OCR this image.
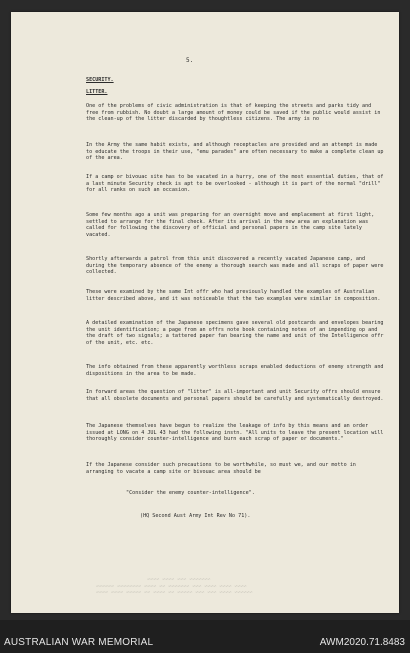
~~~~ ~~~~ ~~~~~ ~~ ~~~~ ~~ ~~~~~ ~~~ ~~~ ~~~~ ~~~~~~
~~~~~~ ~~~~~~~~ ~~~~ ~~ ~~~~~~~ ~~~ ~~~~ ~~~~ ~~~~
~~~~ ~~~~ ~~~ ~~~~~~~
5.
SECURITY.
LITTER.
One of the problems of civic administration is that of keeping the streets and parks tidy and free from rubbish. No doubt a large amount of money could be saved if the public would assist in the clean-up of the litter discarded by thoughtless citizens. The army is no
In the Army the same habit exists, and although receptacles are provided and an attempt is made to educate the troops in their use, "emu parades" are often necessary to make a complete clean up of the area.
If a camp or bivouac site has to be vacated in a hurry, one of the most essential duties, that of a last minute Security check is apt to be overlooked - although it is part of the normal "drill" for all ranks on such an occasion.
Some few months ago a unit was preparing for an overnight move and emplacement at first light, settled to arrange for the final check. After its arrival in the new area an explanation was called for following the discovery of official and personal papers in the camp site lately vacated.
Shortly afterwards a patrol from this unit discovered a recently vacated Japanese camp, and during the temporary absence of the enemy a thorough search was made and all scraps of paper were collected.
These were examined by the same Int offr who had previously handled the examples of Australian litter described above, and it was noticeable that the two examples were similar in composition.
A detailed examination of the Japanese specimens gave several old postcards and envelopes bearing the unit identification; a page from an offrs note book containing notes of an impending op and the draft of two signals; a tattered paper fan bearing the name and unit of the Intelligence offr of the unit, etc. etc.
The info obtained from these apparently worthless scraps enabled deductions of enemy strength and dispositions in the area to be made.
In forward areas the question of "litter" is all-important and unit Security offrs should ensure that all obsolete documents and personal papers should be carefully and systematically destroyed.
The Japanese themselves have begun to realize the leakage of info by this means and an order issued at LONG on 4 JUL 43 had the following instn. "All units to leave the present location will thoroughly consider counter-intelligence and burn each scrap of paper or documents."
If the Japanese consider such precautions to be worthwhile, so must we, and our motto in arranging to vacate a camp site or bivouac area should be
"Consider the enemy counter-intelligence".
(HQ Second Aust Army Int Rev No 71).
AUSTRALIAN WAR MEMORIAL	AWM2020.71.8483
